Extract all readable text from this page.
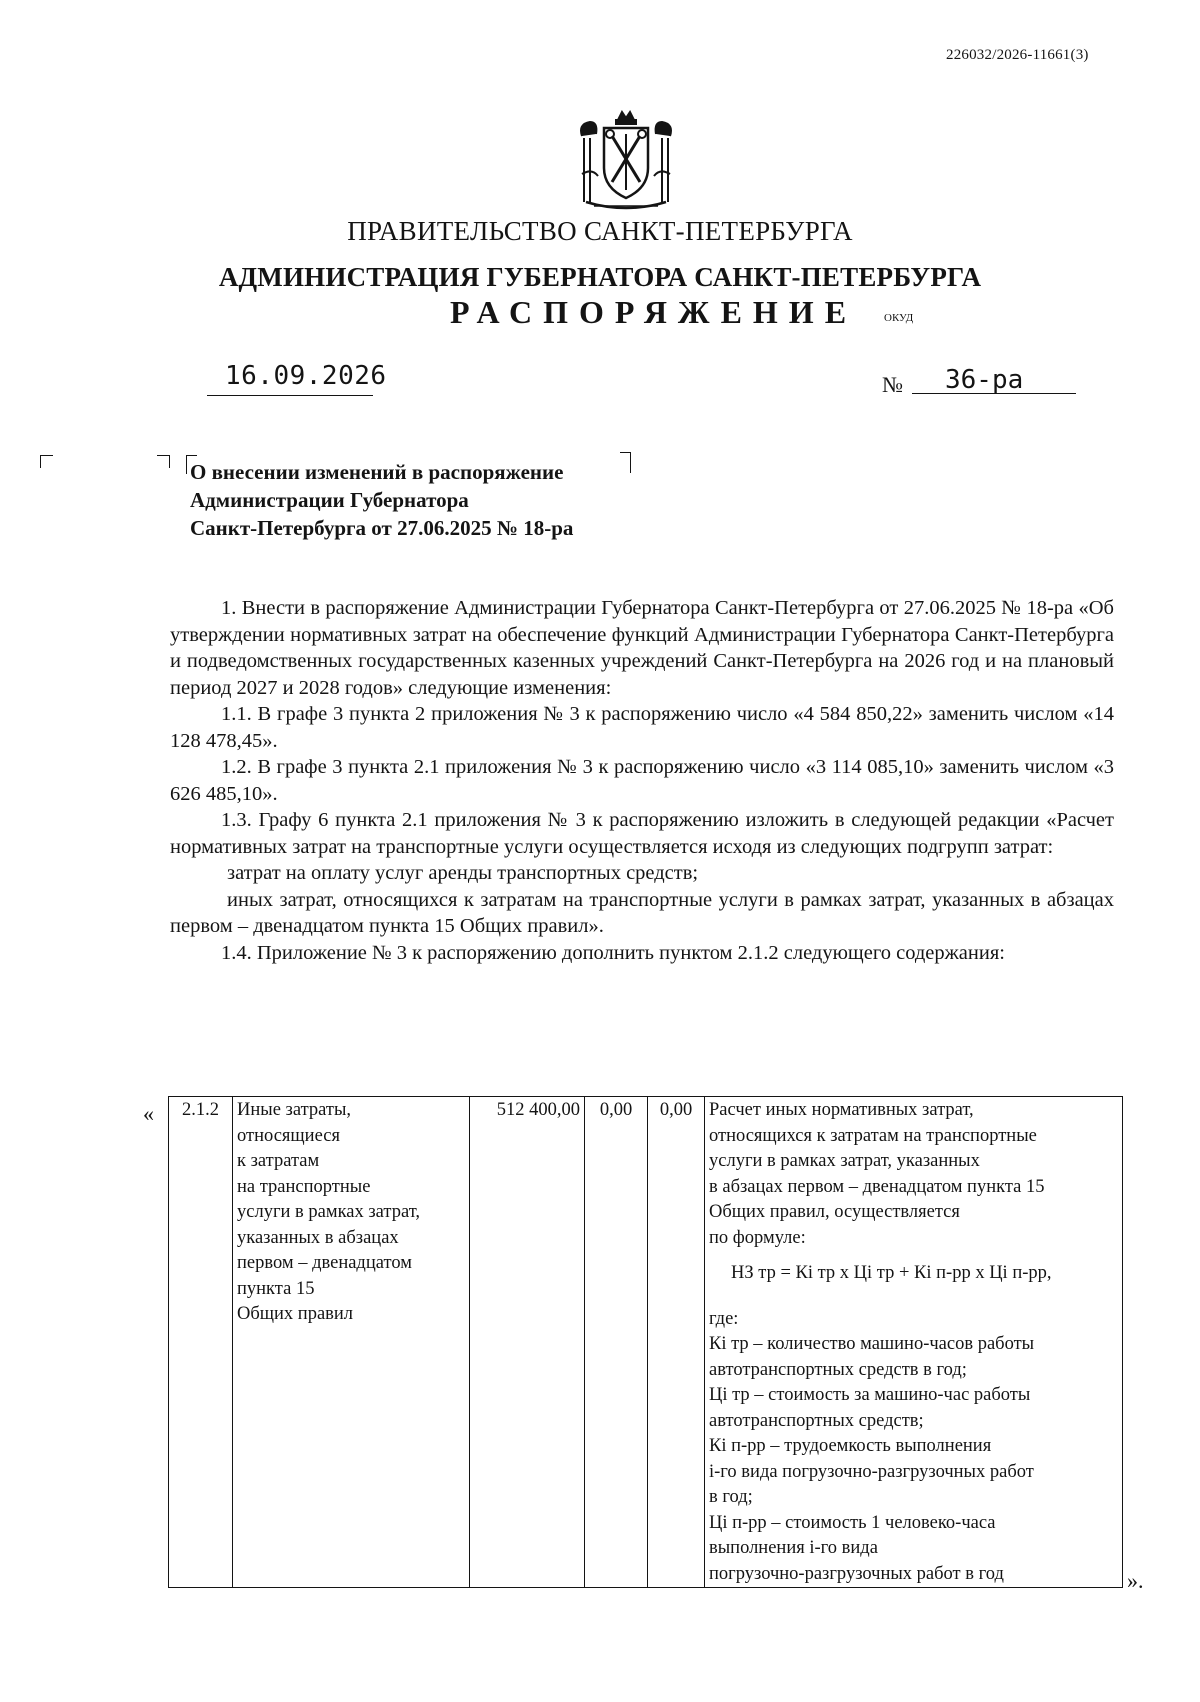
226032/2026-11661(3)
ПРАВИТЕЛЬСТВО САНКТ-ПЕТЕРБУРГА
АДМИНИСТРАЦИЯ ГУБЕРНАТОРА САНКТ-ПЕТЕРБУРГА
РАСПОРЯЖЕНИЕ ОКУД
16.09.2026	№ 36-ра
О внесении изменений в распоряжение
Администрации Губернатора
Санкт-Петербурга от 27.06.2025 № 18-ра

1. Внести в распоряжение Администрации Губернатора Санкт-Петербурга от 27.06.2025 № 18-ра «Об утверждении нормативных затрат на обеспечение функций Администрации Губернатора Санкт-Петербурга и подведомственных государственных казенных учреждений Санкт-Петербурга на 2026 год и на плановый период 2027 и 2028 годов» следующие изменения:

1.1. В графе 3 пункта 2 приложения № 3 к распоряжению число «4 584 850,22» заменить числом «14 128 478,45».

1.2. В графе 3 пункта 2.1 приложения № 3 к распоряжению число «3 114 085,10» заменить числом «3 626 485,10».

1.3. Графу 6 пункта 2.1 приложения № 3 к распоряжению изложить в следующей редакции «Расчет нормативных затрат на транспортные услуги осуществляется исходя из следующих подгрупп затрат:

затрат на оплату услуг аренды транспортных средств;

иных затрат, относящихся к затратам на транспортные услуги в рамках затрат, указанных в абзацах первом – двенадцатом пункта 15 Общих правил».

1.4. Приложение № 3 к распоряжению дополнить пунктом 2.1.2 следующего содержания:

« 2.1.2	Иные затраты,
относящиеся
к затратам
на транспортные
услуги в рамках затрат,
указанных в абзацах
первом – двенадцатом
пункта 15
Общих правил
	512 400,00	0,00	0,00	Расчет иных нормативных затрат,
относящихся к затратам на транспортные
услуги в рамках затрат, указанных
в абзацах первом – двенадцатом пункта 15
Общих правил, осуществляется
по формуле:
НЗ тр = Кi тр x Цi тр + Кi п-рр x Цi п-рр,
где:
Кi тр – количество машино-часов работы
автотранспортных средств в год;
Цi тр – стоимость за машино-час работы
автотранспортных средств;
Кi п-рр – трудоемкость выполнения
i-го вида погрузочно-разгрузочных работ
в год;
Цi п-рр – стоимость 1 человеко-часа
выполнения i-го вида
погрузочно-разгрузочных работ в год	».
